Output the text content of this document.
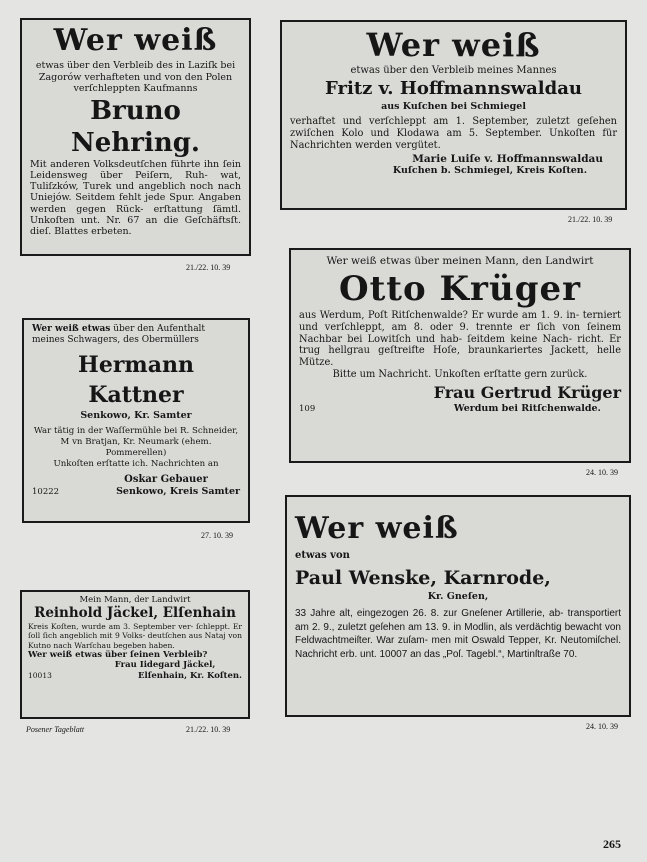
Wer weiß
etwas über den Verbleib des in Laziſk bei Zagorów verhafteten und von den Polen verſchleppten Kaufmanns
Bruno Nehring.
Mit anderen Volksdeutſchen führte ihn ſein Leidensweg über Peiſern, Ruh- wat, Tuliſzków, Turek und angeblich noch nach Uniejów. Seitdem fehlt jede Spur. Angaben werden gegen Rück- erſtattung ſämtl. Unkoſten unt. Nr. 67 an die Geſchäftsſt. dieſ. Blattes erbeten.
21./22. 10. 39
Wer weiß
etwas über den Verbleib meines Mannes
Fritz v. Hoffmannswaldau
aus Kuſchen bei Schmiegel
verhaftet und verſchleppt am 1. September, zuletzt geſehen zwiſchen Kolo und Klodawa am 5. September. Unkoſten für Nachrichten werden vergütet.
Marie Luiſe v. Hoffmannswaldau
Kuſchen b. Schmiegel, Kreis Koſten.
21./22. 10. 39
Wer weiß etwas über meinen Mann, den Landwirt
Otto Krüger
aus Werdum, Poſt Ritſchenwalde? Er wurde am 1. 9. in- terniert und verſchleppt, am 8. oder 9. trennte er ſich von ſeinem Nachbar bei Lowitſch und hab- ſeitdem keine Nach- richt. Er trug hellgrau geſtreifte Hoſe, braunkariertes Jackett, helle Mütze.
Bitte um Nachricht. Unkoſten erſtatte gern zurück.
109
Frau Gertrud Krüger
Werdum bei Ritſchenwalde.
24. 10. 39
Wer weiß etwas über den Aufenthalt meines Schwagers, des Obermüllers
Hermann Kattner
Senkowo, Kr. Samter
War tätig in der Waſſermühle bei R. Schneider, M vn Bratjan, Kr. Neumark (ehem. Pommerellen)
Unkoſten erſtatte ich. Nachrichten an
Oskar Gebauer
10222	Senkowo, Kreis Samter
27. 10. 39 Wer weiß
etwas von
Paul Wenske, Karnrode,
Kr. Gneſen,
33 Jahre alt, eingezogen 26. 8. zur Gneſener Artillerie, ab- transportiert am 2. 9., zuletzt geſehen am 13. 9. in Modlin, als verdächtig bewacht von Feldwachtmeiſter. War zuſam- men mit Oswald Tepper, Kr. Neutomiſchel. Nachricht erb. unt. 10007 an das „Poſ. Tagebl.“, Martinſtraße 70.
24. 10. 39
Mein Mann, der Landwirt
Reinhold Jäckel, Elſenhain
Kreis Koſten, wurde am 3. September ver- ſchleppt. Er ſoll ſich angeblich mit 9 Volks- deutſchen aus Nataj von Kutno nach Warſchau begeben haben.
Wer weiß etwas über ſeinen Verbleib?
Frau Iidegard Jäckel,
10013	Elſenhain, Kr. Koſten.
Posener Tageblatt	21./22. 10. 39
265
